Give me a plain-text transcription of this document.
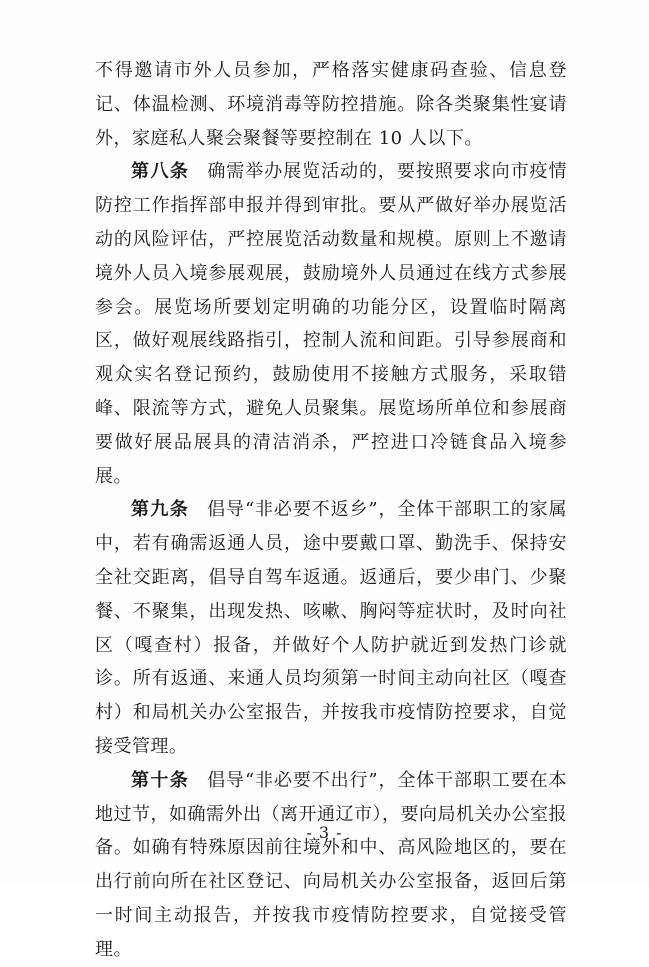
不得邀请市外人员参加，严格落实健康码查验、信息登记、体温检测、环境消毒等防控措施。除各类聚集性宴请外，家庭私人聚会聚餐等要控制在 10 人以下。

第八条 确需举办展览活动的，要按照要求向市疫情防控工作指挥部申报并得到审批。要从严做好举办展览活动的风险评估，严控展览活动数量和规模。原则上不邀请境外人员入境参展观展，鼓励境外人员通过在线方式参展参会。展览场所要划定明确的功能分区，设置临时隔离区，做好观展线路指引，控制人流和间距。引导参展商和观众实名登记预约，鼓励使用不接触方式服务，采取错峰、限流等方式，避免人员聚集。展览场所单位和参展商要做好展品展具的清洁消杀，严控进口冷链食品入境参展。

第九条 倡导“非必要不返乡”，全体干部职工的家属中，若有确需返通人员，途中要戴口罩、勤洗手、保持安全社交距离，倡导自驾车返通。返通后，要少串门、少聚餐、不聚集，出现发热、咳嗽、胸闷等症状时，及时向社区（嘎查村）报备，并做好个人防护就近到发热门诊就诊。所有返通、来通人员均须第一时间主动向社区（嘎查村）和局机关办公室报告，并按我市疫情防控要求，自觉接受管理。

第十条 倡导“非必要不出行”，全体干部职工要在本地过节，如确需外出（离开通辽市），要向局机关办公室报备。如确有特殊原因前往境外和中、高风险地区的，要在出行前向所在社区登记、向局机关办公室报备，返回后第一时间主动报告，并按我市疫情防控要求，自觉接受管理。

- 3 -
